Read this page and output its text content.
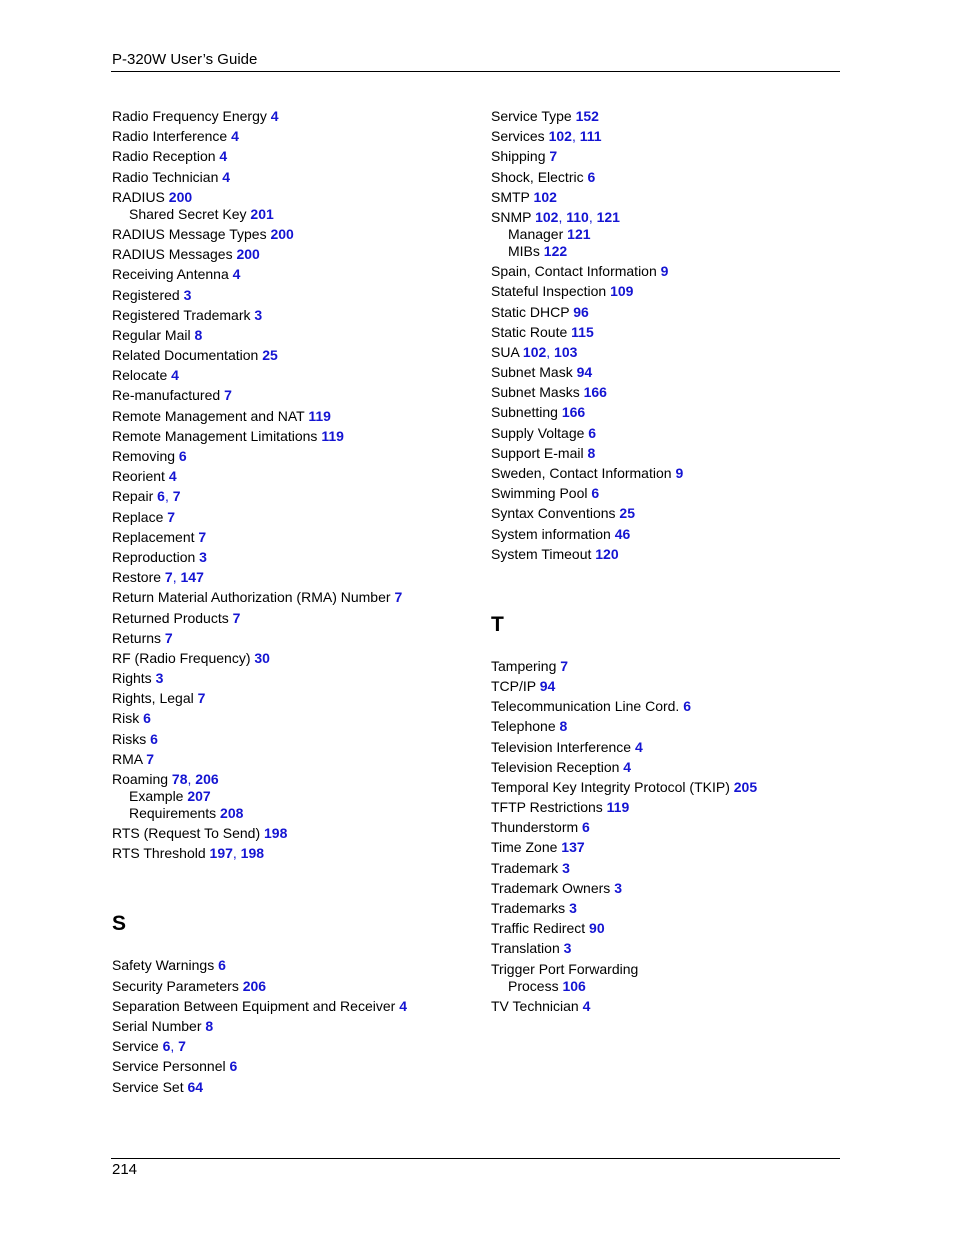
P-320W User’s Guide
Radio Frequency Energy 4
Radio Interference 4
Radio Reception 4
Radio Technician 4
RADIUS 200
Shared Secret Key 201
RADIUS Message Types 200
RADIUS Messages 200
Receiving Antenna 4
Registered 3
Registered Trademark 3
Regular Mail 8
Related Documentation 25
Relocate 4
Re-manufactured 7
Remote Management and NAT 119
Remote Management Limitations 119
Removing 6
Reorient 4
Repair 6, 7
Replace 7
Replacement 7
Reproduction 3
Restore 7, 147
Return Material Authorization (RMA) Number 7
Returned Products 7
Returns 7
RF (Radio Frequency) 30
Rights 3
Rights, Legal 7
Risk 6
Risks 6
RMA 7
Roaming 78, 206
Example 207
Requirements 208
RTS (Request To Send) 198
RTS Threshold 197, 198
S
Safety Warnings 6
Security Parameters 206
Separation Between Equipment and Receiver 4
Serial Number 8
Service 6, 7
Service Personnel 6
Service Set 64
Service Type 152
Services 102, 111
Shipping 7
Shock, Electric 6
SMTP 102
SNMP 102, 110, 121
Manager 121
MIBs 122
Spain, Contact Information 9
Stateful Inspection 109
Static DHCP 96
Static Route 115
SUA 102, 103
Subnet Mask 94
Subnet Masks 166
Subnetting 166
Supply Voltage 6
Support E-mail 8
Sweden, Contact Information 9
Swimming Pool 6
Syntax Conventions 25
System information 46
System Timeout 120
T
Tampering 7
TCP/IP 94
Telecommunication Line Cord. 6
Telephone 8
Television Interference 4
Television Reception 4
Temporal Key Integrity Protocol (TKIP) 205
TFTP Restrictions 119
Thunderstorm 6
Time Zone 137
Trademark 3
Trademark Owners 3
Trademarks 3
Traffic Redirect 90
Translation 3
Trigger Port Forwarding
Process 106
TV Technician 4
214
